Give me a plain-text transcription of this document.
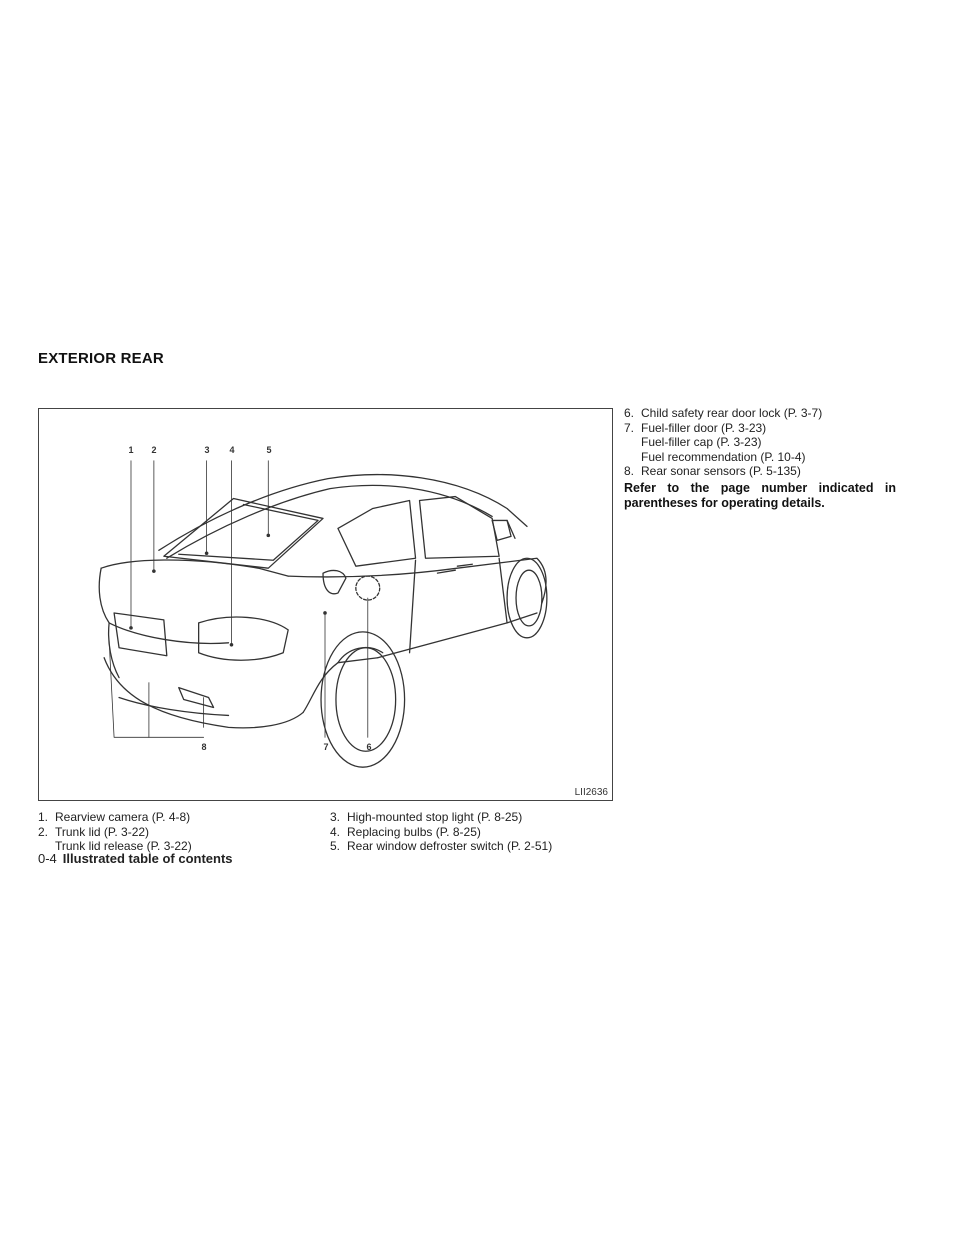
EXTERIOR REAR
1 2	3 4	5
8	7	6
LII2636
1. Rearview camera (P. 4-8)
2. Trunk lid (P. 3-22)
Trunk lid release (P. 3-22)
3. High-mounted stop light (P. 8-25)
4. Replacing bulbs (P. 8-25)
5. Rear window defroster switch (P. 2-51)
6. Child safety rear door lock (P. 3-7)
7. Fuel-filler door (P. 3-23)
Fuel-filler cap (P. 3-23)
Fuel recommendation (P. 10-4)
8. Rear sonar sensors (P. 5-135)
Refer to the page number indicated in parentheses for operating details.
0-4 Illustrated table of contents
